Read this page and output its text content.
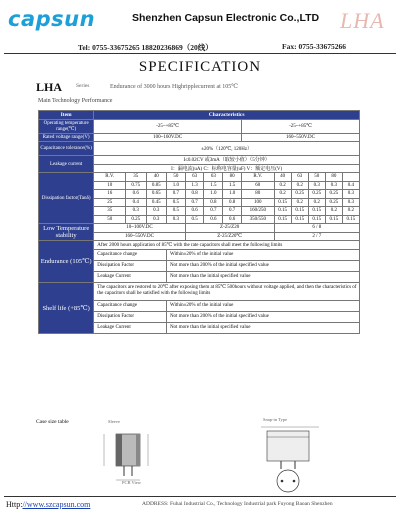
capsun	Shenzhen Capsun Electronic Co.,LTD LHA
Tel: 0755-33675265 18820236869（20线）	Fax: 0755-33675266
SPECIFICATION
LHA	Series	Endurance of 3000 hours Highripplecurrent at 105℃
Main Technology Performance
Item	Characteristics												
Operating temperature range(℃)	-25~+85℃							-25~+85℃					
Rated voltage range(V)	100~160V.DC							160~550V.DC					
Capacitance tolerance(%)	±20%（120℃, 120Hz）												
Leakage current	I≤0.02CV 或3mA（取较小值）（5分钟）												
	I：漏电流(uA) C：标称电容量(uF) V：额定电压(V)												
Dissipation factor(Tanδ)	R.V.	35	40	50	63	63	80	R.V.	40	63	50	80	
	10	0.75	0.85	1.0	1.3	1.5	1.5	60	0.2	0.2	0.3	0.3	0.4
	16	0.6	0.65	0.7	0.8	1.0	1.0	80	0.2	0.25	0.25	0.25	0.3
	25	0.4	0.45	0.5	0.7	0.8	0.8	100	0.15	0.2	0.2	0.25	0.3
	35	0.3	0.3	0.5	0.6	0.7	0.7	160/250	0.15	0.15	0.15	0.2	0.2
	50	0.25	0.3	0.3	0.5	0.6	0.6	350/550	0.15	0.15	0.15	0.15	0.15
Low Temperature stability	10~100V.DC				Z-25/Z20				6 / 8				
	160~550V.DC				Z-25/Z20℃				2 / 7				
Endurance (105℃)	After 2000 hours application of 85℃ with the rate capacitors shall meet the following limits												
	Capacitance change			Within±20% of the initial value									
	Dissipation Factor			Not more than 200% of the initial specified value									
	Leakage Current			Not more than the initial specified value									
Shelf life (+85℃)	The capacitors are restored to 20℃ after exposing them at 85℃ 500hours without voltage applied, and then the characteristics of the capacitors shall be satisfied with the following limits												
	Capacitance change			Within±20% of the initial value									
	Dissipation Factor			Not more than 200% of the initial specified value									
	Leakage Current			Not more than the initial specified value									
Case size table	Sleeve	Snap-in Type
PCB View
Http://www.szcapsun.com	ADDRESS: Fuhai Industrial Co., Technology Industrial park Fuyong Baoan Shenzhen
